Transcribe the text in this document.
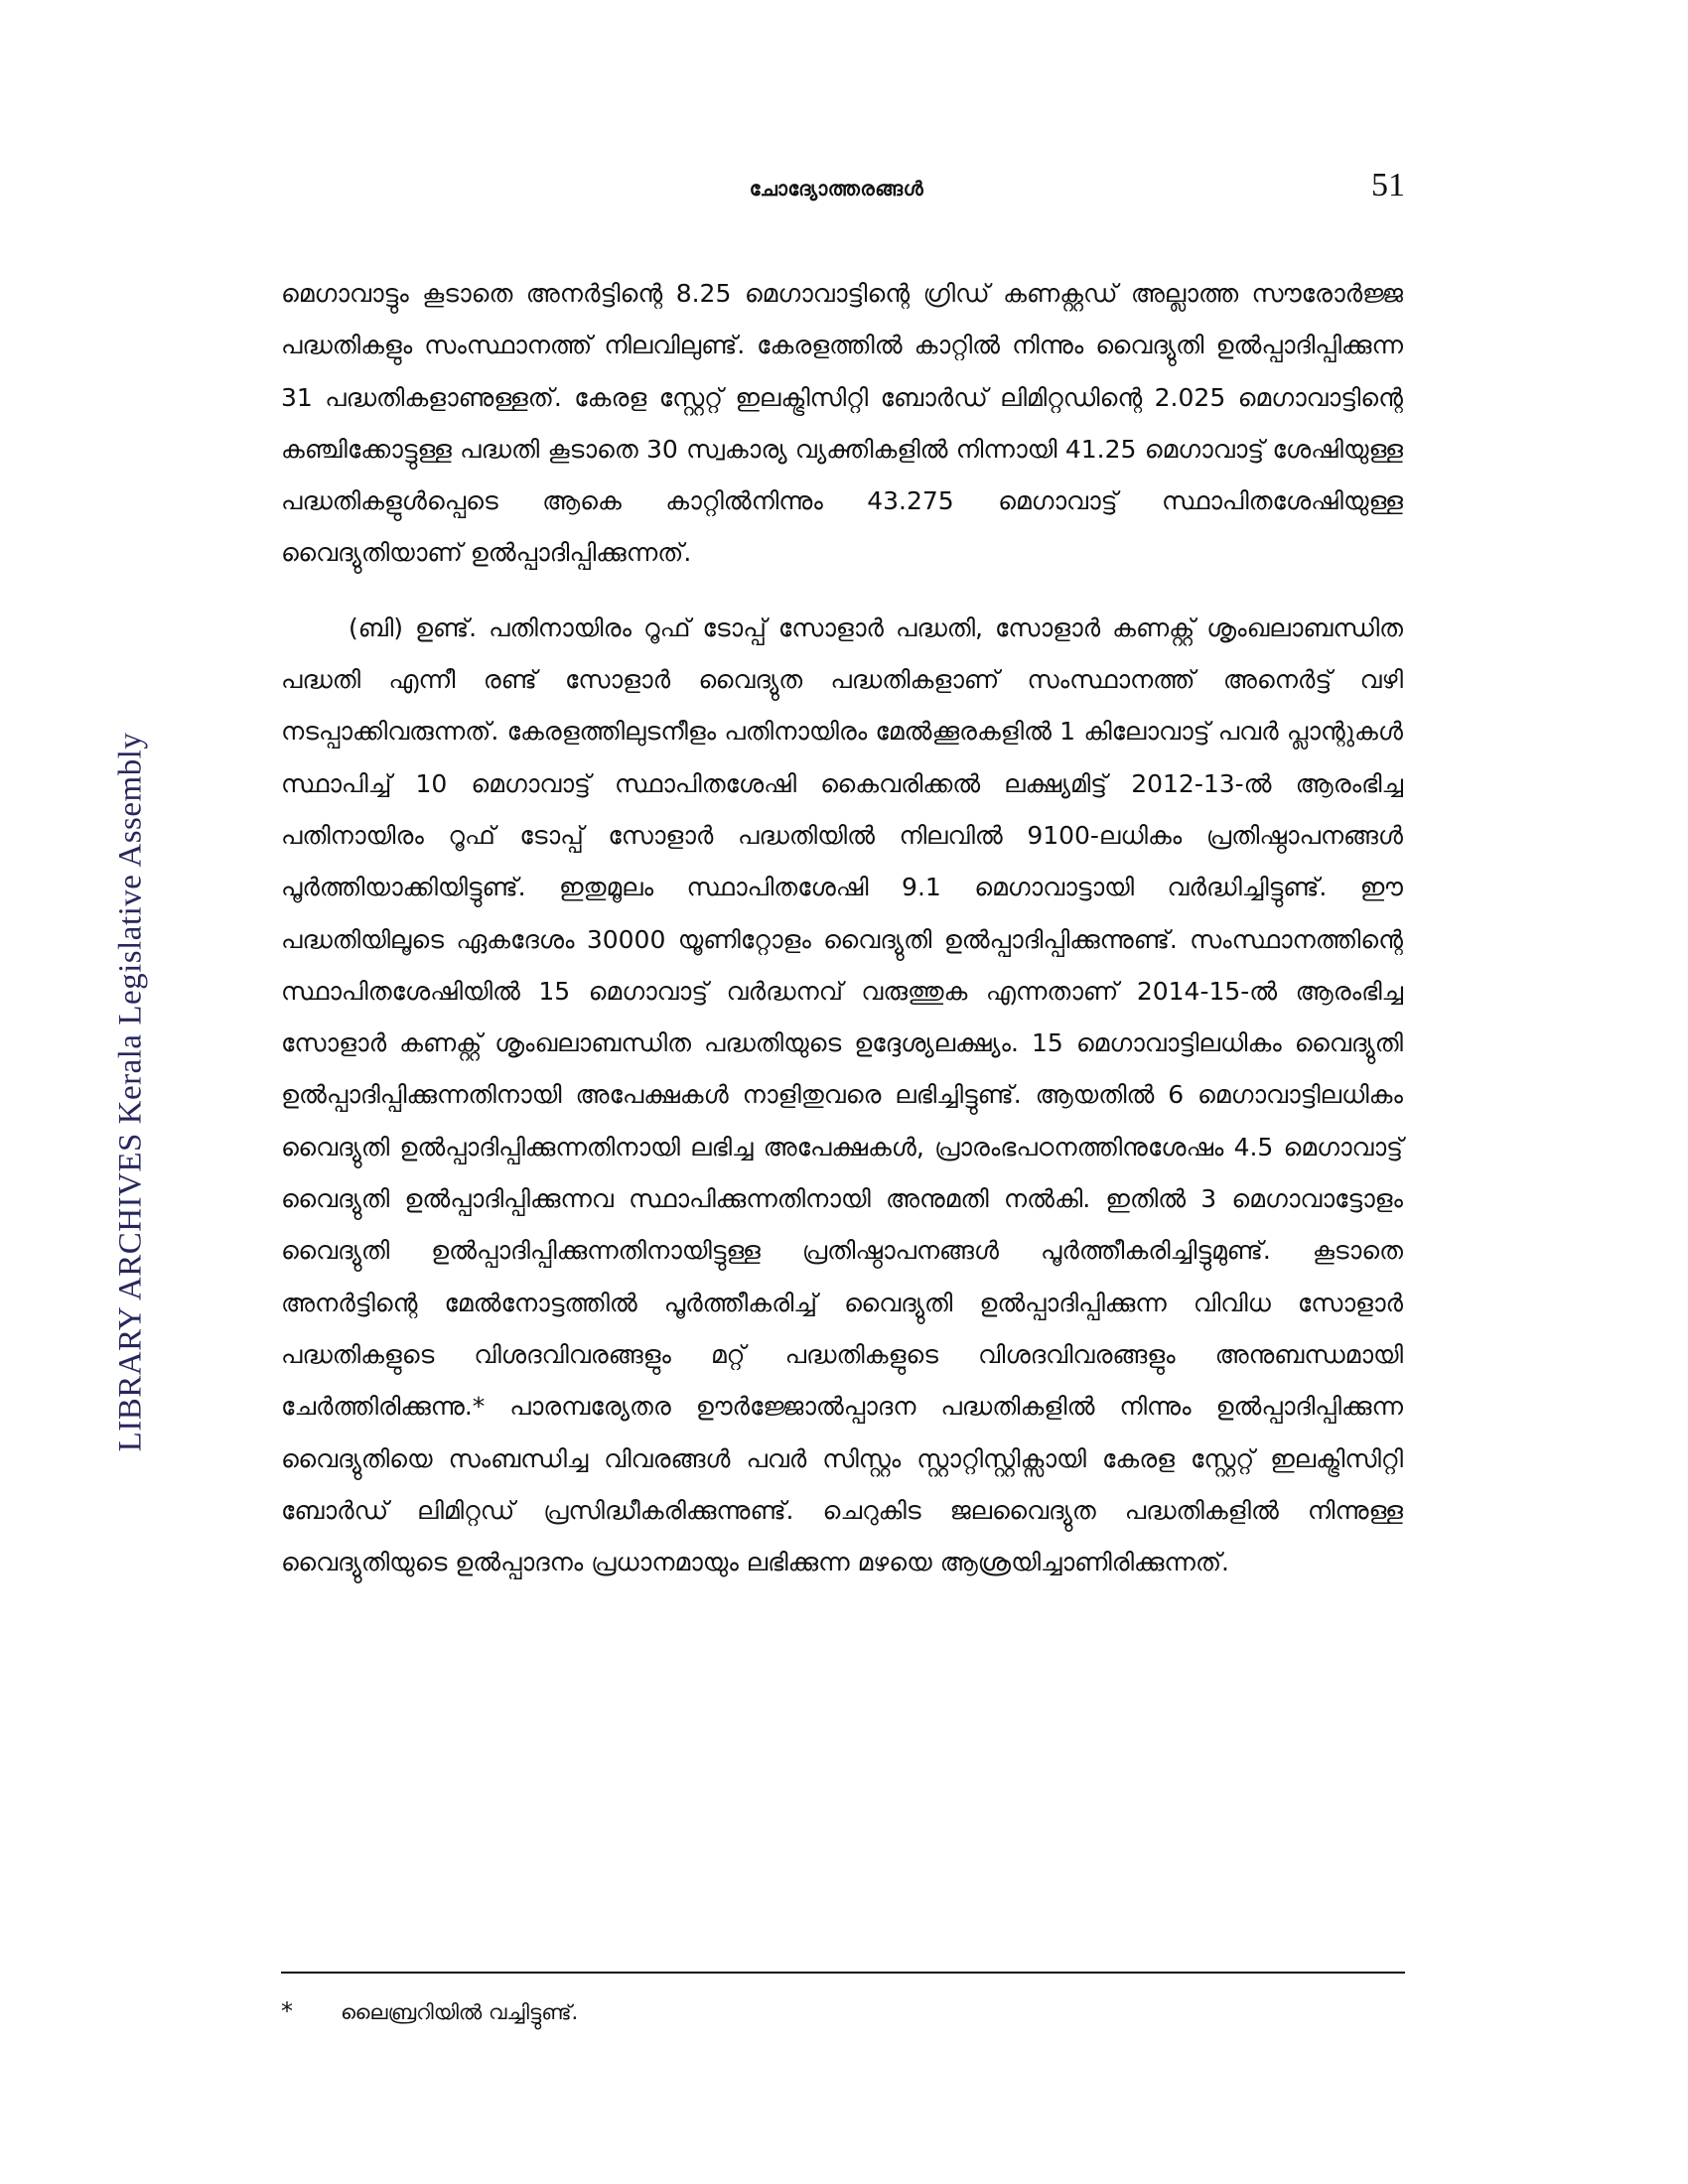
ചോദ്യോത്തരങ്ങൾ	51
LIBRARY ARCHIVES Kerala Legislative Assembly

മെഗാവാട്ടും കൂടാതെ അനർട്ടിന്റെ 8.25 മെഗാവാട്ടിന്റെ ഗ്രിഡ് കണക്റ്റഡ് അല്ലാത്ത സൗരോർജ്ജ പദ്ധതികളും സംസ്ഥാനത്ത് നിലവിലുണ്ട്. കേരളത്തിൽ കാറ്റിൽ നിന്നും വൈദ്യുതി ഉൽപ്പാദിപ്പിക്കുന്ന 31 പദ്ധതികളാണുള്ളത്. കേരള സ്റ്റേറ്റ് ഇലക്ട്രിസിറ്റി ബോർഡ് ലിമിറ്റഡിന്റെ 2.025 മെഗാവാട്ടിന്റെ കഞ്ചിക്കോട്ടുള്ള പദ്ധതി കൂടാതെ 30 സ്വകാര്യ വ്യക്തികളിൽ നിന്നായി 41.25 മെഗാവാട്ട് ശേഷിയുള്ള പദ്ധതികളുൾപ്പെടെ ആകെ കാറ്റിൽനിന്നും 43.275 മെഗാവാട്ട് സ്ഥാപിതശേഷിയുള്ള വൈദ്യുതിയാണ് ഉൽപ്പാദിപ്പിക്കുന്നത്.

(ബി) ഉണ്ട്. പതിനായിരം റൂഫ് ടോപ്പ് സോളാർ പദ്ധതി, സോളാർ കണക്റ്റ് ശൃംഖലാബന്ധിത പദ്ധതി എന്നീ രണ്ട് സോളാർ വൈദ്യുത പദ്ധതികളാണ് സംസ്ഥാനത്ത് അനെർട്ട് വഴി നടപ്പാക്കിവരുന്നത്. കേരളത്തിലുടനീളം പതിനായിരം മേൽക്കൂരകളിൽ 1 കിലോവാട്ട് പവർ പ്ലാന്റുകൾ സ്ഥാപിച്ച് 10 മെഗാവാട്ട് സ്ഥാപിതശേഷി കൈവരിക്കൽ ലക്ഷ്യമിട്ട് 2012-13-ൽ ആരംഭിച്ച പതിനായിരം റൂഫ് ടോപ്പ് സോളാർ പദ്ധതിയിൽ നിലവിൽ 9100-ലധികം പ്രതിഷ്ഠാപനങ്ങൾ പൂർത്തിയാക്കിയിട്ടുണ്ട്. ഇതുമൂലം സ്ഥാപിതശേഷി 9.1 മെഗാവാട്ടായി വർദ്ധിച്ചിട്ടുണ്ട്. ഈ പദ്ധതിയിലൂടെ ഏകദേശം 30000 യൂണിറ്റോളം വൈദ്യുതി ഉൽപ്പാദിപ്പിക്കുന്നുണ്ട്. സംസ്ഥാനത്തിന്റെ സ്ഥാപിതശേഷിയിൽ 15 മെഗാവാട്ട് വർദ്ധനവ് വരുത്തുക എന്നതാണ് 2014-15-ൽ ആരംഭിച്ച സോളാർ കണക്റ്റ് ശൃംഖലാബന്ധിത പദ്ധതിയുടെ ഉദ്ദേശ്യലക്ഷ്യം. 15 മെഗാവാട്ടിലധികം വൈദ്യുതി ഉൽപ്പാദിപ്പിക്കുന്നതിനായി അപേക്ഷകൾ നാളിതുവരെ ലഭിച്ചിട്ടുണ്ട്. ആയതിൽ 6 മെഗാവാട്ടിലധികം വൈദ്യുതി ഉൽപ്പാദിപ്പിക്കുന്നതിനായി ലഭിച്ച അപേക്ഷകൾ, പ്രാരംഭപഠനത്തിനുശേഷം 4.5 മെഗാവാട്ട് വൈദ്യുതി ഉൽപ്പാദിപ്പിക്കുന്നവ സ്ഥാപിക്കുന്നതിനായി അനുമതി നൽകി. ഇതിൽ 3 മെഗാവാട്ടോളം വൈദ്യുതി ഉൽപ്പാദിപ്പിക്കുന്നതിനായിട്ടുള്ള പ്രതിഷ്ഠാപനങ്ങൾ പൂർത്തീകരിച്ചിട്ടുമുണ്ട്. കൂടാതെ അനർട്ടിന്റെ മേൽനോട്ടത്തിൽ പൂർത്തീകരിച്ച് വൈദ്യുതി ഉൽപ്പാദിപ്പിക്കുന്ന വിവിധ സോളാർ പദ്ധതികളുടെ വിശദവിവരങ്ങളും മറ്റ് പദ്ധതികളുടെ വിശദവിവരങ്ങളും അനുബന്ധമായി ചേർത്തിരിക്കുന്നു.* പാരമ്പര്യേതര ഊർജ്ജോൽപ്പാദന പദ്ധതികളിൽ നിന്നും ഉൽപ്പാദിപ്പിക്കുന്ന വൈദ്യുതിയെ സംബന്ധിച്ച വിവരങ്ങൾ പവർ സിസ്റ്റം സ്റ്റാറ്റിസ്റ്റിക്സായി കേരള സ്റ്റേറ്റ് ഇലക്ട്രിസിറ്റി ബോർഡ് ലിമിറ്റഡ് പ്രസിദ്ധീകരിക്കുന്നുണ്ട്. ചെറുകിട ജലവൈദ്യുത പദ്ധതികളിൽ നിന്നുള്ള വൈദ്യുതിയുടെ ഉൽപ്പാദനം പ്രധാനമായും ലഭിക്കുന്ന മഴയെ ആശ്രയിച്ചാണിരിക്കുന്നത്.

* ലൈബ്രറിയിൽ വച്ചിട്ടുണ്ട്.
